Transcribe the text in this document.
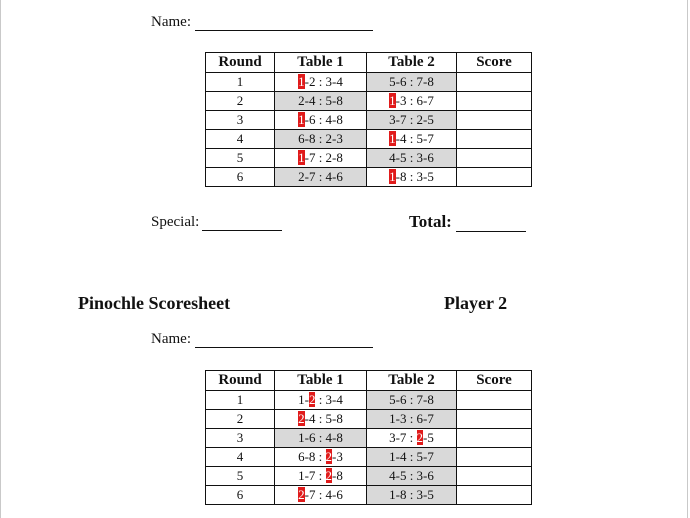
Name:
Round	Table 1	Table 2	Score
1	1-2 : 3-4	5-6 : 7-8	
2	2-4 : 5-8	1-3 : 6-7	
3	1-6 : 4-8	3-7 : 2-5	
4	6-8 : 2-3	1-4 : 5-7	
5	1-7 : 2-8	4-5 : 3-6	
6	2-7 : 4-6	1-8 : 3-5	
Special:	Total:
Pinochle Scoresheet	Player 2
Name:
Round	Table 1	Table 2	Score
1	1-2 : 3-4	5-6 : 7-8	
2	2-4 : 5-8	1-3 : 6-7	
3	1-6 : 4-8	3-7 : 2-5	
4	6-8 : 2-3	1-4 : 5-7	
5	1-7 : 2-8	4-5 : 3-6	
6	2-7 : 4-6	1-8 : 3-5	
